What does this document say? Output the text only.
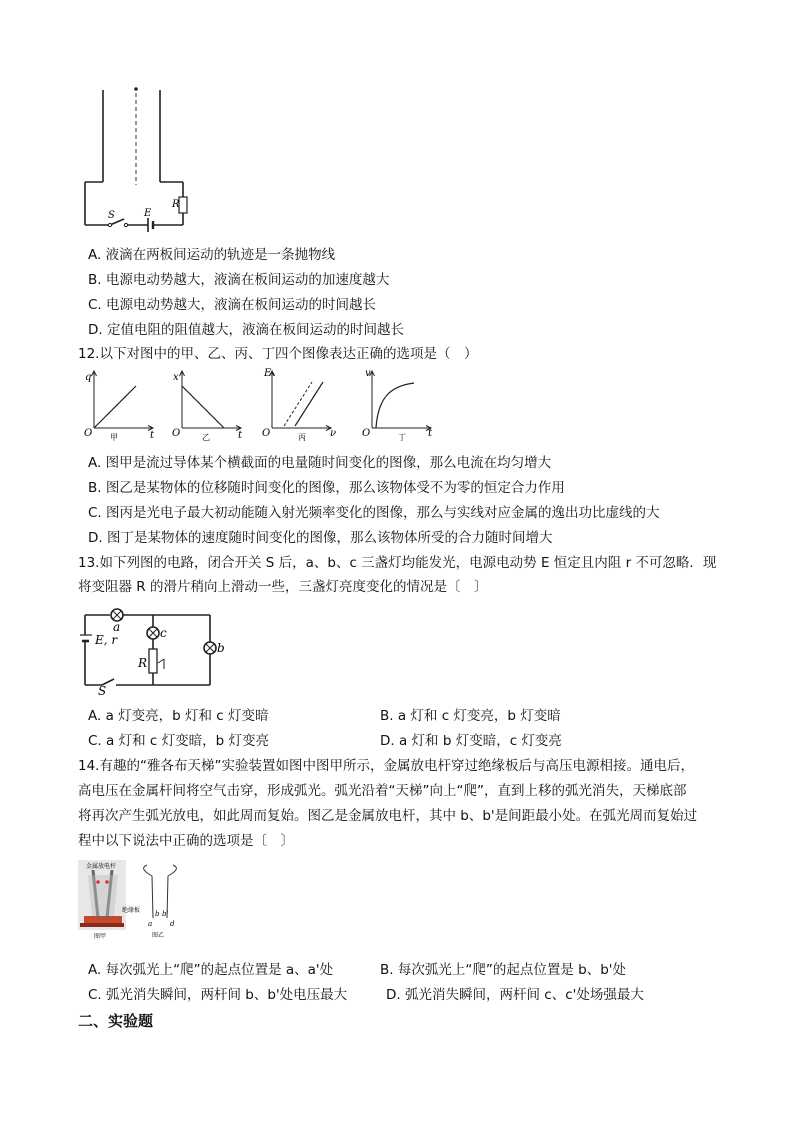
S	E
R
A. 液滴在两板间运动的轨迹是一条抛物线
B. 电源电动势越大，液滴在板间运动的加速度越大
C. 电源电动势越大，液滴在板间运动的时间越长
D. 定值电阻的阻值越大，液滴在板间运动的时间越长
12.以下对图中的甲、乙、丙、丁四个图像表达正确的选项是（　）
q
t
O 甲
x
t
O	乙
Eₖ
ν
O	丙
v
t
O	丁
A. 图甲是流过导体某个横截面的电量随时间变化的图像，那么电流在均匀增大
B. 图乙是某物体的位移随时间变化的图像，那么该物体受不为零的恒定合力作用
C. 图丙是光电子最大初动能随入射光频率变化的图像，那么与实线对应金属的逸出功比虚线的大
D. 图丁是某物体的速度随时间变化的图像，那么该物体所受的合力随时间增大
13.如下列图的电路，闭合开关 S 后，a、b、c 三盏灯均能发光，电源电动势 E 恒定且内阻 r 不可忽略．现
将变阻器 R 的滑片稍向上滑动一些，三盏灯亮度变化的情况是〔　〕
a	c
b
E, r
R
S
A. a 灯变亮，b 灯和 c 灯变暗	B. a 灯和 c 灯变亮，b 灯变暗
C. a 灯和 c 灯变暗，b 灯变亮	D. a 灯和 b 灯变暗，c 灯变亮
14.有趣的“雅各布天梯”实验装置如图中图甲所示，金属放电杆穿过绝缘板后与高压电源相接。通电后，
高电压在金属杆间将空气击穿，形成弧光。弧光沿着“天梯”向上“爬”，直到上移的弧光消失，天梯底部
将再次产生弧光放电，如此周而复始。图乙是金属放电杆，其中 b、b'是间距最小处。在弧光周而复始过
程中以下说法中正确的选项是〔　〕
金属放电杆
绝缘板
图甲
a
b b'
d
图乙
A. 每次弧光上“爬”的起点位置是 a、a'处	B. 每次弧光上“爬”的起点位置是 b、b'处
C. 弧光消失瞬间，两杆间 b、b'处电压最大	D. 弧光消失瞬间，两杆间 c、c'处场强最大
二、实验题
